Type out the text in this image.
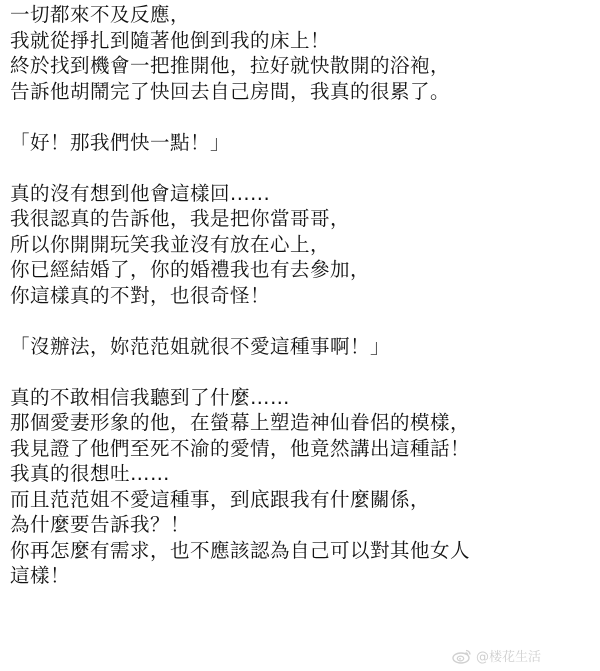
一切都來不及反應，
我就從掙扎到隨著他倒到我的床上！
終於找到機會一把推開他，拉好就快散開的浴袍，
告訴他胡鬧完了快回去自己房間，我真的很累了。
「好！那我們快一點！」
真的沒有想到他會這樣回......
我很認真的告訴他，我是把你當哥哥，
所以你開開玩笑我並沒有放在心上，
你已經結婚了，你的婚禮我也有去參加，
你這樣真的不對，也很奇怪！
「沒辦法，妳范范姐就很不愛這種事啊！」
真的不敢相信我聽到了什麼……
那個愛妻形象的他，在螢幕上塑造神仙眷侶的模樣，
我見證了他們至死不渝的愛情，他竟然講出這種話！
我真的很想吐……
而且范范姐不愛這種事，到底跟我有什麼關係，
為什麼要告訴我？！
你再怎麼有需求，也不應該認為自己可以對其他女人
這樣！
@楼花生活
